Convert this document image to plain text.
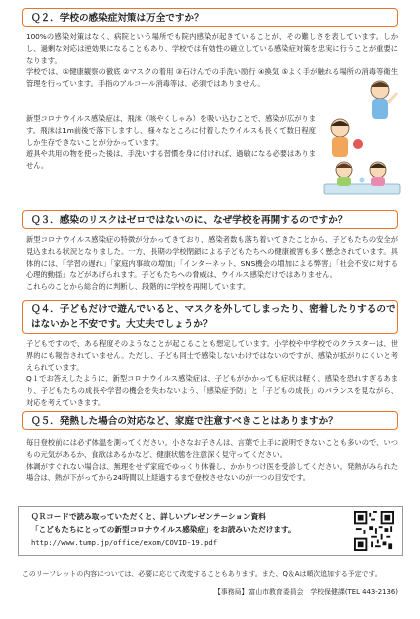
Ｑ２．学校の感染症対策は万全ですか？

100%の感染対策はなく、病院という場所でも院内感染が起きていることが、その難しさを表しています。しかし、過剰な対応は逆効果になることもあり、学校では有効性の確立している感染症対策を忠実に行うことが重要になります。

学校では、①健康観察の徹底 ②マスクの着用 ③石けんでの手洗い励行 ④換気 ⑤よく手が触れる場所の消毒等衛生管理を行っています。手指のアルコール消毒等は、必須ではありません。

新型コロナウイルス感染症は、飛沫（咳やくしゃみ）を吸い込むことで、感染が広がります。飛沫は1m前後で落下しますし、様々なところに付着したウイルスも長くて数日程度しか生存できないことが分かっています。

遊具や共用の物を使った後は、手洗いする習慣を身に付ければ、過敏になる必要はありません。

Ｑ３．感染のリスクはゼロではないのに、なぜ学校を再開するのですか？

新型コロナウイルス感染症の特徴が分かってきており、感染者数も落ち着いてきたことから、子どもたちの安全が見込まれる状況となりました。一方、長期の学校閉鎖による子どもたちへの健康被害も多く懸念されています。具体的には、「学習の遅れ」「家庭内事故の増加」「インターネット、SNS機会の増加による弊害」「社会不安に対する心理的動揺」などがあげられます。子どもたちへの脅威は、ウイルス感染だけではありません。

これらのことから総合的に判断し、段階的に学校を再開しています。

Ｑ４．子どもだけで遊んでいると、マスクを外してしまったり、密着したりするのではないかと不安です。大丈夫でしょうか？

子どもですので、ある程度そのようなことが起こることも想定しています。小学校や中学校でのクラスターは、世界的にも報告されていません。ただし、子ども同士で感染しないわけではないのですが、感染が拡がりにくいと考えられています。

Q１でお答えしたように、新型コロナウイルス感染症は、子どもがかかっても症状は軽く、感染を恐れすぎるあまり、子どもたちの成長や学習の機会を失わないよう、「感染症予防」と「子どもの成長」のバランスを見ながら、対応を考えていきます。

Ｑ５．発熱した場合の対応など、家庭で注意すべきことはありますか？

毎日登校前には必ず体温を測ってください。小さなお子さんは、言葉で上手に説明できないことも多いので、いつもの元気があるか、食欲はあるかなど、健康状態を注意深く見守ってください。

体調がすぐれない場合は、無理をせず家庭でゆっくり休養し、かかりつけ医を受診してください。発熱がみられた場合は、熱が下がってから24時間以上経過するまで登校させないのが一つの目安です。

ＱＲコードで読み取っていただくと、詳しいプレゼンテーション資料
「こどもたちにとっての新型コロナウイルス感染症」をお読みいただけます。
http://www.tump.jp/office/exom/COVID-19.pdf
このリーフレットの内容については、必要に応じて改変することもあります。また、Q＆Aは順次追加する予定です。
【事務局】富山市教育委員会　学校保健課(TEL 443-2136)
